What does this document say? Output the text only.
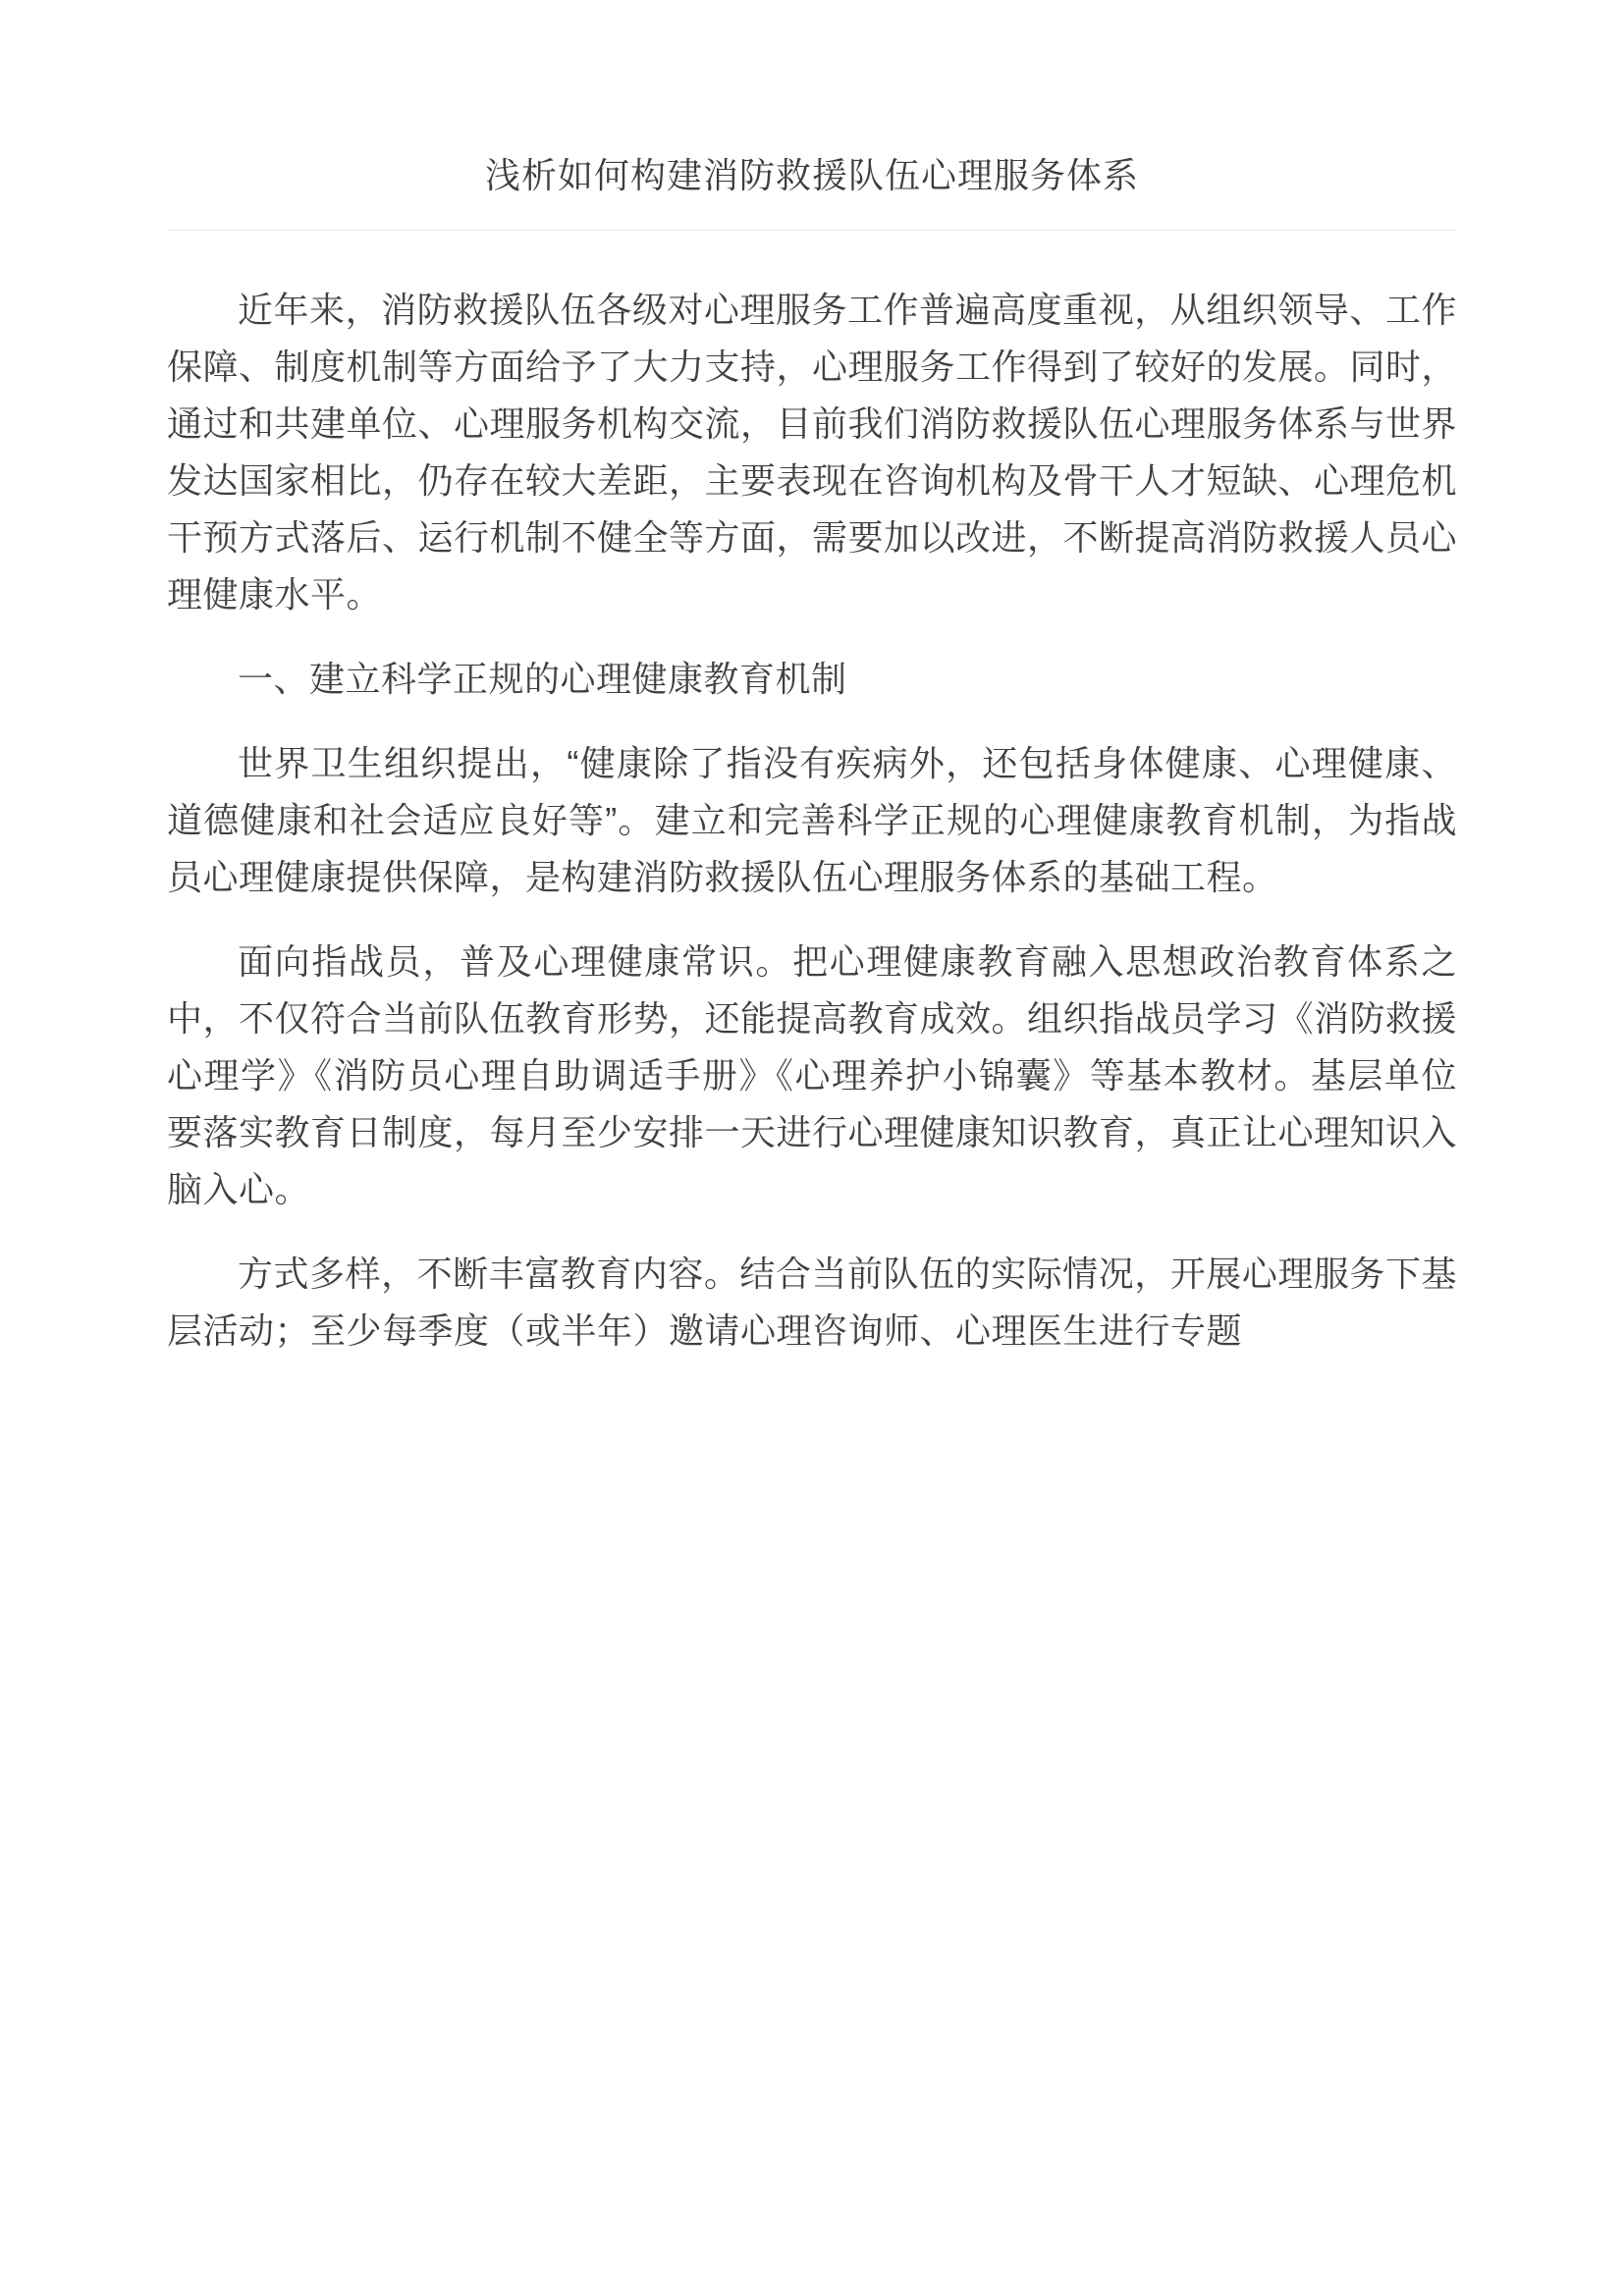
浅析如何构建消防救援队伍心理服务体系

近年来，消防救援队伍各级对心理服务工作普遍高度重视，从组织领导、工作保障、制度机制等方面给予了大力支持，心理服务工作得到了较好的发展。同时，通过和共建单位、心理服务机构交流，目前我们消防救援队伍心理服务体系与世界发达国家相比，仍存在较大差距，主要表现在咨询机构及骨干人才短缺、心理危机干预方式落后、运行机制不健全等方面，需要加以改进，不断提高消防救援人员心理健康水平。

一、建立科学正规的心理健康教育机制

世界卫生组织提出，“健康除了指没有疾病外，还包括身体健康、心理健康、道德健康和社会适应良好等”。建立和完善科学正规的心理健康教育机制，为指战员心理健康提供保障，是构建消防救援队伍心理服务体系的基础工程。

面向指战员，普及心理健康常识。把心理健康教育融入思想政治教育体系之中，不仅符合当前队伍教育形势，还能提高教育成效。组织指战员学习《消防救援心理学》《消防员心理自助调适手册》《心理养护小锦囊》等基本教材。基层单位要落实教育日制度，每月至少安排一天进行心理健康知识教育，真正让心理知识入脑入心。

方式多样，不断丰富教育内容。结合当前队伍的实际情况，开展心理服务下基层活动；至少每季度（或半年）邀请心理咨询师、心理医生进行专题
